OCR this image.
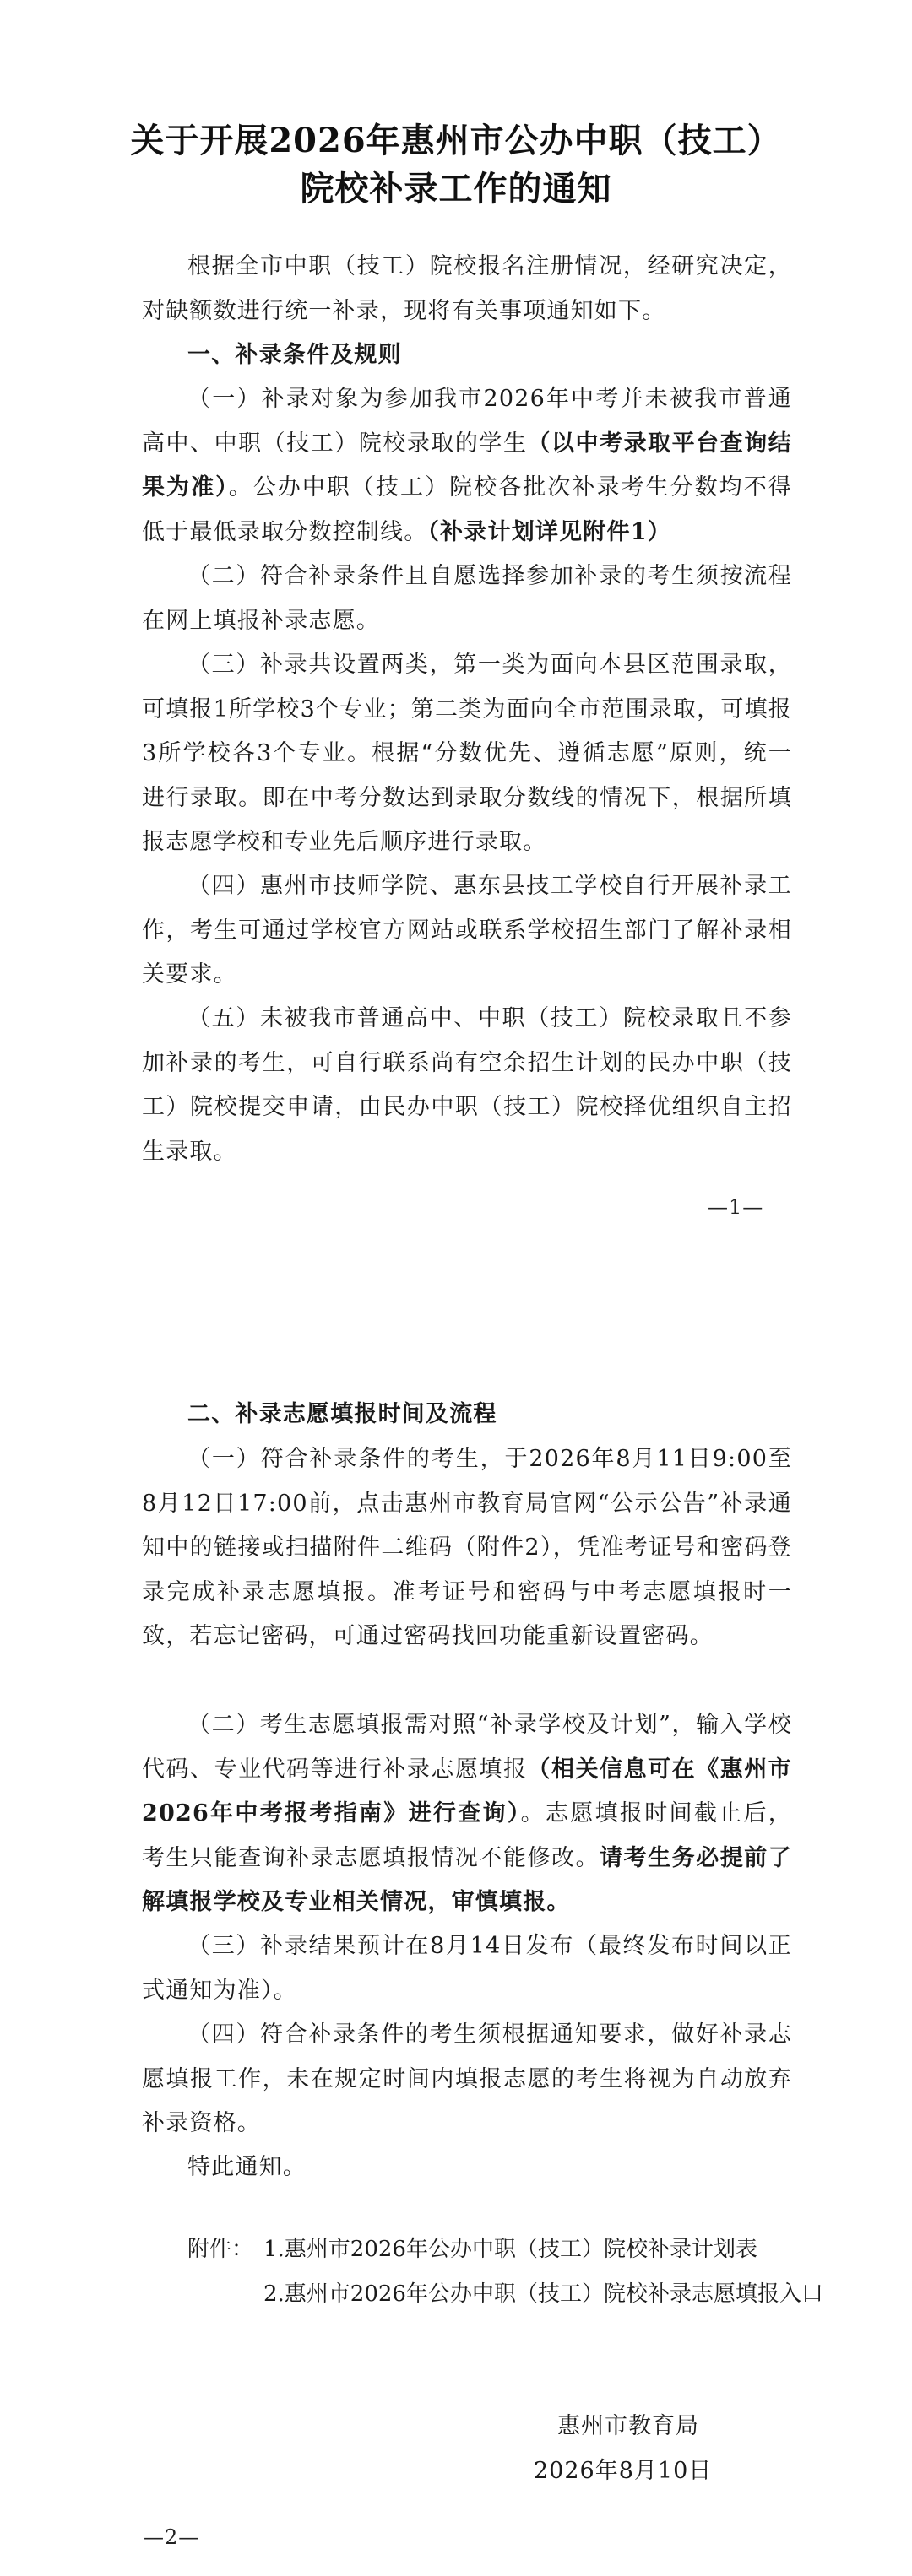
关于开展2026年惠州市公办中职（技工）
院校补录工作的通知

根据全市中职（技工）院校报名注册情况，经研究决定，对缺额数进行统一补录，现将有关事项通知如下。

一、补录条件及规则

（一）补录对象为参加我市2026年中考并未被我市普通高中、中职（技工）院校录取的学生（以中考录取平台查询结果为准）。公办中职（技工）院校各批次补录考生分数均不得低于最低录取分数控制线。（补录计划详见附件1）

（二）符合补录条件且自愿选择参加补录的考生须按流程在网上填报补录志愿。

（三）补录共设置两类，第一类为面向本县区范围录取，可填报1所学校3个专业；第二类为面向全市范围录取，可填报3所学校各3个专业。根据“分数优先、遵循志愿”原则，统一进行录取。即在中考分数达到录取分数线的情况下，根据所填报志愿学校和专业先后顺序进行录取。

（四）惠州市技师学院、惠东县技工学校自行开展补录工作，考生可通过学校官方网站或联系学校招生部门了解补录相关要求。

（五）未被我市普通高中、中职（技工）院校录取且不参加补录的考生，可自行联系尚有空余招生计划的民办中职（技工）院校提交申请，由民办中职（技工）院校择优组织自主招生录取。

—1—

二、补录志愿填报时间及流程

（一）符合补录条件的考生，于2026年8月11日9:00至8月12日17:00前，点击惠州市教育局官网“公示公告”补录通知中的链接或扫描附件二维码（附件2），凭准考证号和密码登录完成补录志愿填报。准考证号和密码与中考志愿填报时一致，若忘记密码，可通过密码找回功能重新设置密码。

（二）考生志愿填报需对照“补录学校及计划”，输入学校代码、专业代码等进行补录志愿填报（相关信息可在《惠州市2026年中考报考指南》进行查询）。志愿填报时间截止后，考生只能查询补录志愿填报情况不能修改。请考生务必提前了解填报学校及专业相关情况，审慎填报。

（三）补录结果预计在8月14日发布（最终发布时间以正式通知为准）。

（四）符合补录条件的考生须根据通知要求，做好补录志愿填报工作，未在规定时间内填报志愿的考生将视为自动放弃补录资格。

特此通知。

附件： 1.惠州市2026年公办中职（技工）院校补录计划表
2.惠州市2026年公办中职（技工）院校补录志愿填报入口
惠州市教育局
2026年8月10日
—2—
